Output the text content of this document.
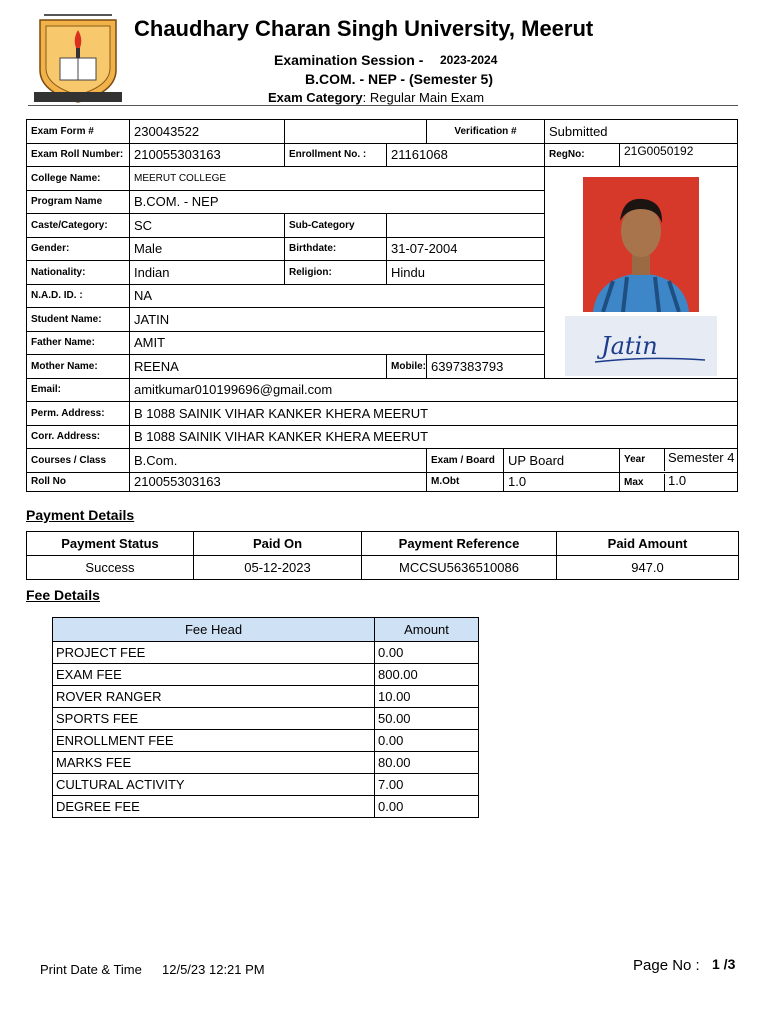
Chaudhary Charan Singh University, Meerut
Examination Session - 2023-2024
B.COM. - NEP - (Semester 5)
Exam Category: Regular Main Exam
Exam Form #	230043522			Verification #		Submitted	
Exam Roll Number:	210055303163	Enrollment No. :	21161068			RegNo:	21G0050192
College Name:	MEERUT COLLEGE					Jatin	

Program Name	B.COM. - NEP						
Caste/Category:	SC	Sub-Category					
Gender:	Male	Birthdate:	31-07-2004				
Nationality:	Indian	Religion:	Hindu				
N.A.D. ID. :	NA						
Student Name:	JATIN						
Father Name:	AMIT						
Mother Name:	REENA		Mobile:	6397383793			
Email:	amitkumar010199696@gmail.com						
Perm. Address:	B 1088 SAINIK VIHAR KANKER KHERA MEERUT						
Corr. Address:	B 1088 SAINIK VIHAR KANKER KHERA MEERUT						
Courses / Class	B.Com.			Exam / Board	UP Board		Year Semester 4
Roll No	210055303163			M.Obt	1.0		Max 1.0
Payment Details
Payment Status	Paid On	Payment Reference	Paid Amount
Success	05-12-2023	MCCSU5636510086	947.0
Fee Details
Fee Head	Amount
PROJECT FEE	0.00
EXAM FEE	800.00
ROVER RANGER	10.00
SPORTS FEE	50.00
ENROLLMENT FEE	0.00
MARKS FEE	80.00
CULTURAL ACTIVITY	7.00
DEGREE FEE	0.00
Print Date & Time 12/5/23 12:21 PM	Page No : 1 /3
